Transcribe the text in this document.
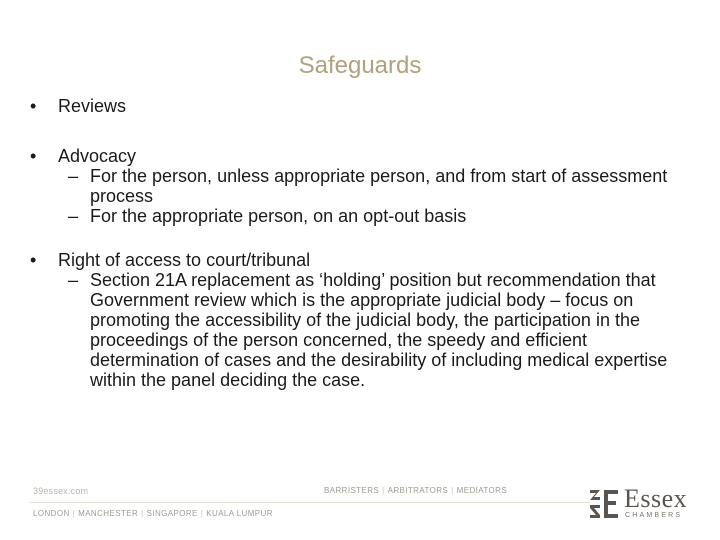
Safeguards

• Reviews

• Advocacy

– For the person, unless appropriate person, and from start of assessment process

– For the appropriate person, on an opt-out basis

• Right of access to court/tribunal

– Section 21A replacement as ‘holding’ position but recommendation that Government review which is the appropriate judicial body – focus on promoting the accessibility of the judicial body, the participation in the proceedings of the person concerned, the speedy and efficient determination of cases and the desirability of including medical expertise within the panel deciding the case.

39essex.com	BARRISTERS | ARBITRATORS | MEDIATORS
LONDON | MANCHESTER | SINGAPORE | KUALA LUMPUR
Essex
CHAMBERS
